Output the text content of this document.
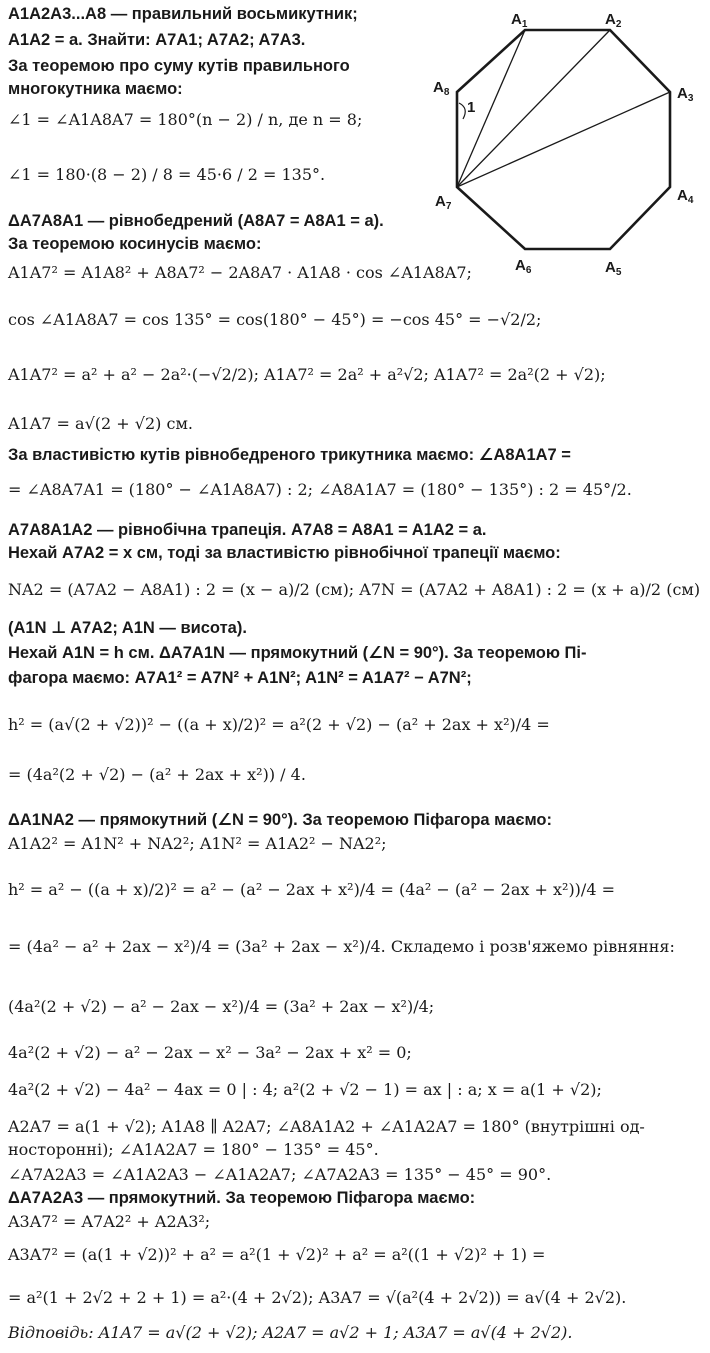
$A_1$	$A_2$
$A_3$
$A_4$
$A_5$
$A_6$
$A_7$
$A_8$
1
A1A2A3...A8 — правильний восьмикутник;
A1A2 = a. Знайти: A7A1; A7A2; A7A3.
За теоремою про суму кутів правильного
многокутника маємо:
∠1 = ∠A1A8A7 = 180°(n − 2) / n, де n = 8;
∠1 = 180·(8 − 2) / 8 = 45·6 / 2 = 135°.
ΔA7A8A1 — рівнобедрений (A8A7 = A8A1 = a).
За теоремою косинусів маємо:
A1A7² = A1A8² + A8A7² − 2A8A7 · A1A8 · cos ∠A1A8A7;
cos ∠A1A8A7 = cos 135° = cos(180° − 45°) = −cos 45° = −√2/2;
A1A7² = a² + a² − 2a²·(−√2/2); A1A7² = 2a² + a²√2; A1A7² = 2a²(2 + √2);
A1A7 = a√(2 + √2) см.
За властивістю кутів рівнобедреного трикутника маємо: ∠A8A1A7 =
= ∠A8A7A1 = (180° − ∠A1A8A7) : 2; ∠A8A1A7 = (180° − 135°) : 2 = 45°/2.
A7A8A1A2 — рівнобічна трапеція. A7A8 = A8A1 = A1A2 = a.
Нехай A7A2 = x см, тоді за властивістю рівнобічної трапеції маємо:
NA2 = (A7A2 − A8A1) : 2 = (x − a)/2 (см); A7N = (A7A2 + A8A1) : 2 = (x + a)/2 (см)
(A1N ⊥ A7A2; A1N — висота).
Нехай A1N = h см. ΔA7A1N — прямокутний (∠N = 90°). За теоремою Пі-
фагора маємо: A7A1² = A7N² + A1N²; A1N² = A1A7² − A7N²;
h² = (a√(2 + √2))² − ((a + x)/2)² = a²(2 + √2) − (a² + 2ax + x²)/4 =
= (4a²(2 + √2) − (a² + 2ax + x²)) / 4.
ΔA1NA2 — прямокутний (∠N = 90°). За теоремою Піфагора маємо:
A1A2² = A1N² + NA2²; A1N² = A1A2² − NA2²;
h² = a² − ((a + x)/2)² = a² − (a² − 2ax + x²)/4 = (4a² − (a² − 2ax + x²))/4 =
= (4a² − a² + 2ax − x²)/4 = (3a² + 2ax − x²)/4. Складемо і розв'яжемо рівняння:
(4a²(2 + √2) − a² − 2ax − x²)/4 = (3a² + 2ax − x²)/4;
4a²(2 + √2) − a² − 2ax − x² − 3a² − 2ax + x² = 0;
4a²(2 + √2) − 4a² − 4ax = 0 | : 4; a²(2 + √2 − 1) = ax | : a; x = a(1 + √2);
A2A7 = a(1 + √2); A1A8 ∥ A2A7; ∠A8A1A2 + ∠A1A2A7 = 180° (внутрішні од-
носторонні); ∠A1A2A7 = 180° − 135° = 45°.
∠A7A2A3 = ∠A1A2A3 − ∠A1A2A7; ∠A7A2A3 = 135° − 45° = 90°.
ΔA7A2A3 — прямокутний. За теоремою Піфагора маємо:
A3A7² = A7A2² + A2A3²;
A3A7² = (a(1 + √2))² + a² = a²(1 + √2)² + a² = a²((1 + √2)² + 1) =
= a²(1 + 2√2 + 2 + 1) = a²·(4 + 2√2); A3A7 = √(a²(4 + 2√2)) = a√(4 + 2√2).
Відповідь: A1A7 = a√(2 + √2); A2A7 = a√2 + 1; A3A7 = a√(4 + 2√2).
